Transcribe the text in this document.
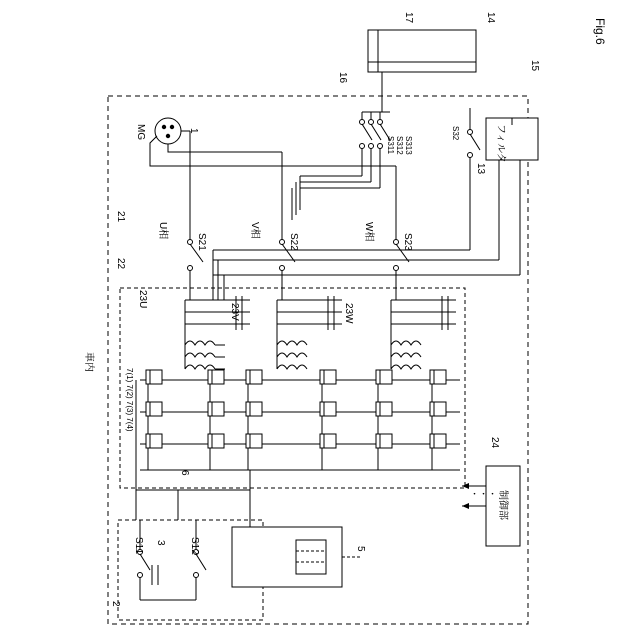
Fig.6
MG	1
21
22
U相	V相	W相
S21	S22	S23
23U
23V	23W
車内
7(1) 7(2) 7(3) 7(4)
6
制御部
24
・・・
2
S11	S12
3
5
16
17	14
15
13
フィルタ
S311 S312 S313
S32
